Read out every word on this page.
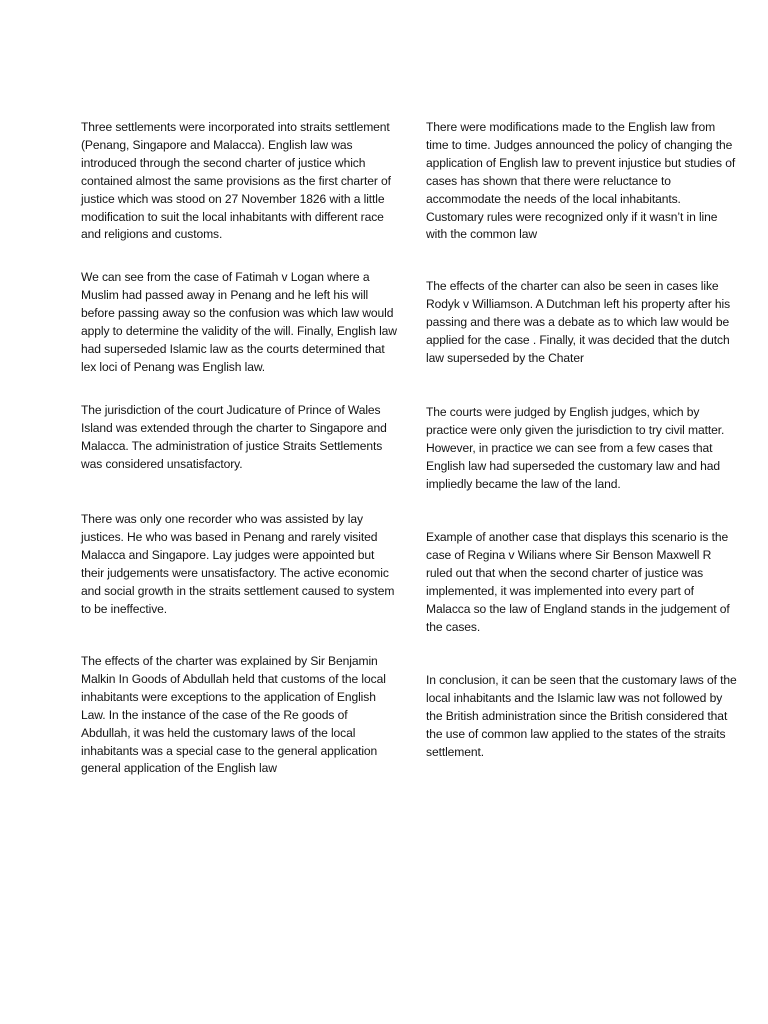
Three settlements were incorporated into straits settlement (Penang, Singapore and Malacca). English law was introduced through the second charter of justice which contained almost the same provisions as the first charter of justice which was stood on 27 November 1826 with a little modification to suit the local inhabitants with different race and religions and customs.

We can see from the case of Fatimah v Logan where a Muslim had passed away in Penang and he left his will before passing away so the confusion was which law would apply to determine the validity of the will. Finally, English law had superseded Islamic law as the courts determined that lex loci of Penang was English law.

The jurisdiction of the court Judicature of Prince of Wales Island was extended through the charter to Singapore and Malacca. The administration of justice Straits Settlements was considered unsatisfactory.

There was only one recorder who was assisted by lay justices. He who was based in Penang and rarely visited Malacca and Singapore. Lay judges were appointed but their judgements were unsatisfactory. The active economic and social growth in the straits settlement caused to system to be ineffective.

The effects of the charter was explained by Sir Benjamin Malkin In Goods of Abdullah held that customs of the local inhabitants were exceptions to the application of English Law. In the instance of the case of the Re goods of Abdullah, it was held the customary laws of the local inhabitants was a special case to the general application general application of the English law

There were modifications made to the English law from time to time. Judges announced the policy of changing the application of English law to prevent injustice but studies of cases has shown that there were reluctance to accommodate the needs of the local inhabitants. Customary rules were recognized only if it wasn’t in line with the common law

The effects of the charter can also be seen in cases like Rodyk v Williamson. A Dutchman left his property after his passing and there was a debate as to which law would be applied for the case . Finally, it was decided that the dutch law superseded by the Chater

The courts were judged by English judges, which by practice were only given the jurisdiction to try civil matter. However, in practice we can see from a few cases that English law had superseded the customary law and had impliedly became the law of the land.

Example of another case that displays this scenario is the case of Regina v Wilians where Sir Benson Maxwell R ruled out that when the second charter of justice was implemented, it was implemented into every part of Malacca so the law of England stands in the judgement of the cases.

In conclusion, it can be seen that the customary laws of the local inhabitants and the Islamic law was not followed by the British administration since the British considered that the use of common law applied to the states of the straits settlement.
